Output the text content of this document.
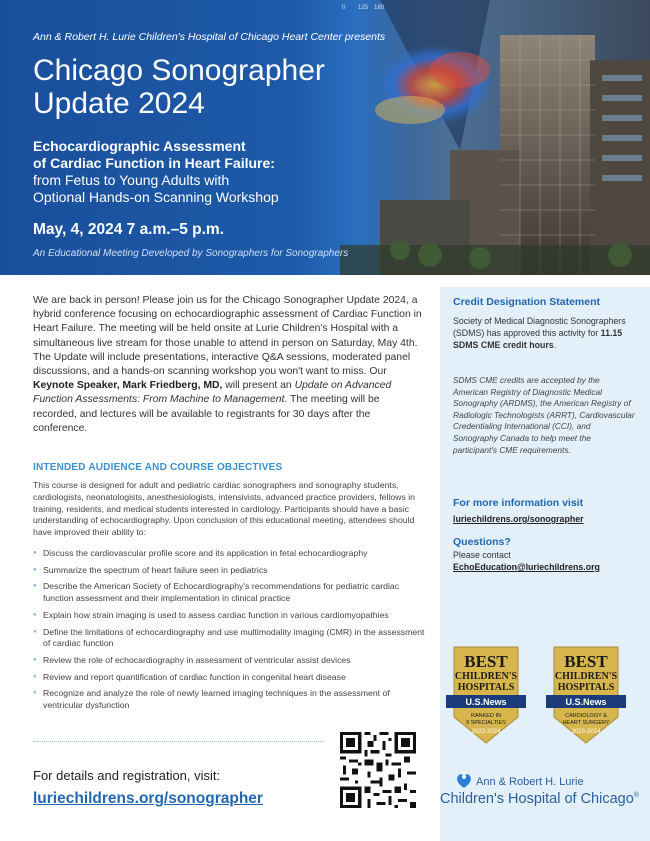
0 125 180
Ann & Robert H. Lurie Children's Hospital of Chicago Heart Center presents
Chicago Sonographer
Update 2024
Echocardiographic Assessment
of Cardiac Function in Heart Failure:
from Fetus to Young Adults with
Optional Hands-on Scanning Workshop
May, 4, 2024 7 a.m.–5 p.m.
An Educational Meeting Developed by Sonographers for Sonographers
We are back in person! Please join us for the Chicago Sonographer Update 2024, a hybrid conference focusing on echocardiographic assessment of Cardiac Function in Heart Failure. The meeting will be held onsite at Lurie Children's Hospital with a simultaneous live stream for those unable to attend in person on Saturday, May 4th. The Update will include presentations, interactive Q&A sessions, moderated panel discussions, and a hands-on scanning workshop you won't want to miss. Our Keynote Speaker, Mark Friedberg, MD, will present an Update on Advanced Function Assessments: From Machine to Management. The meeting will be recorded, and lectures will be available to registrants for 30 days after the conference.
INTENDED AUDIENCE AND COURSE OBJECTIVES
This course is designed for adult and pediatric cardiac sonographers and sonography students, cardiologists, neonatologists, anesthesiologists, intensivists, advanced practice providers, fellows in training, residents, and medical students interested in cardiology. Participants should have a basic understanding of echocardiography. Upon conclusion of this educational meeting, attendees should have improved their ability to:
● Discuss the cardiovascular profile score and its application in fetal echocardiography
● Summarize the spectrum of heart failure seen in pediatrics
● Describe the American Society of Echocardiography's recommendations for pediatric cardiac function assessment and their implementation in clinical practice
● Explain how strain imaging is used to assess cardiac function in various cardiomyopathies
● Define the limitations of echocardiography and use multimodality imaging (CMR) in the assessment of cardiac function
● Review the role of echocardiography in assessment of ventricular assist devices
● Review and report quantification of cardiac function in congenital heart disease
● Recognize and analyze the role of newly learned imaging techniques in the assessment of ventricular dysfunction
For details and registration, visit:
luriechildrens.org/sonographer
Credit Designation Statement
Society of Medical Diagnostic Sonographers (SDMS) has approved this activity for 11.15 SDMS CME credit hours.
SDMS CME credits are accepted by the American Registry of Diagnostic Medical Sonography (ARDMS), the American Registry of Radiologic Technologists (ARRT), Cardiovascular Credentialing International (CCI), and Sonography Canada to help meet the participant's CME requirements.
For more information visit
luriechildrens.org/sonographer
Questions?
Please contact
EchoEducation@luriechildrens.org
BEST
CHILDREN'S
HOSPITALS
U.S.News
RANKED IN
9 SPECIALTIES
2023-2024
BEST
CHILDREN'S
HOSPITALS
U.S.News
CARDIOLOGY &
HEART SURGERY
2023-2024
Ann & Robert H. Lurie
Children's Hospital of Chicago®
